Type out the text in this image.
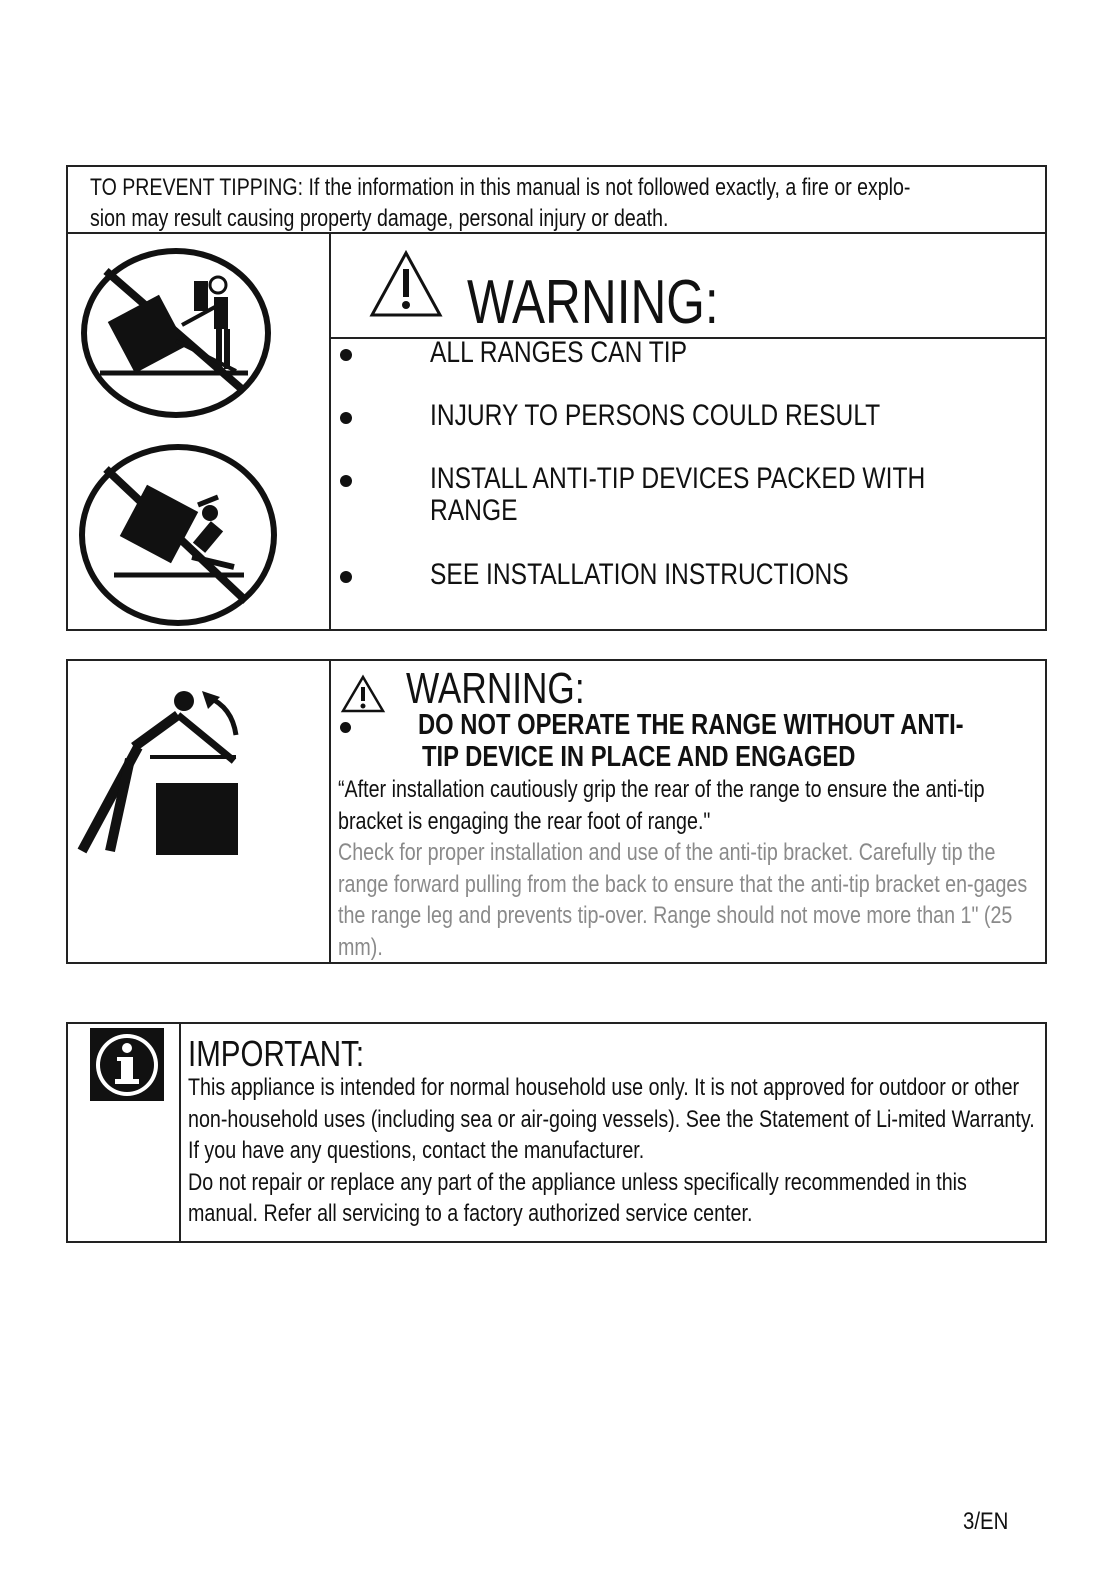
TO PREVENT TIPPING: If the information in this manual is not followed exactly, a fire or explo-
sion may result causing property damage, personal injury or death.
WARNING:
ALL RANGES CAN TIP
INJURY TO PERSONS COULD RESULT
INSTALL ANTI-TIP DEVICES PACKED WITH
RANGE
SEE INSTALLATION INSTRUCTIONS
WARNING:
DO NOT OPERATE THE RANGE WITHOUT ANTI-
TIP DEVICE IN PLACE AND ENGAGED
“After installation cautiously grip the rear of the range to ensure the anti-tip bracket is engaging the rear foot of range."
Check for proper installation and use of the anti-tip bracket. Carefully tip the range forward pulling from the back to ensure that the anti-tip bracket en-gages the range leg and prevents tip-over. Range should not move more than 1" (25 mm).
IMPORTANT:
This appliance is intended for normal household use only. It is not approved for outdoor or other non-household uses (including sea or air-going vessels). See the Statement of Li-mited Warranty. If you have any questions, contact the manufacturer.
Do not repair or replace any part of the appliance unless specifically recommended in this manual. Refer all servicing to a factory authorized service center.
3/EN
